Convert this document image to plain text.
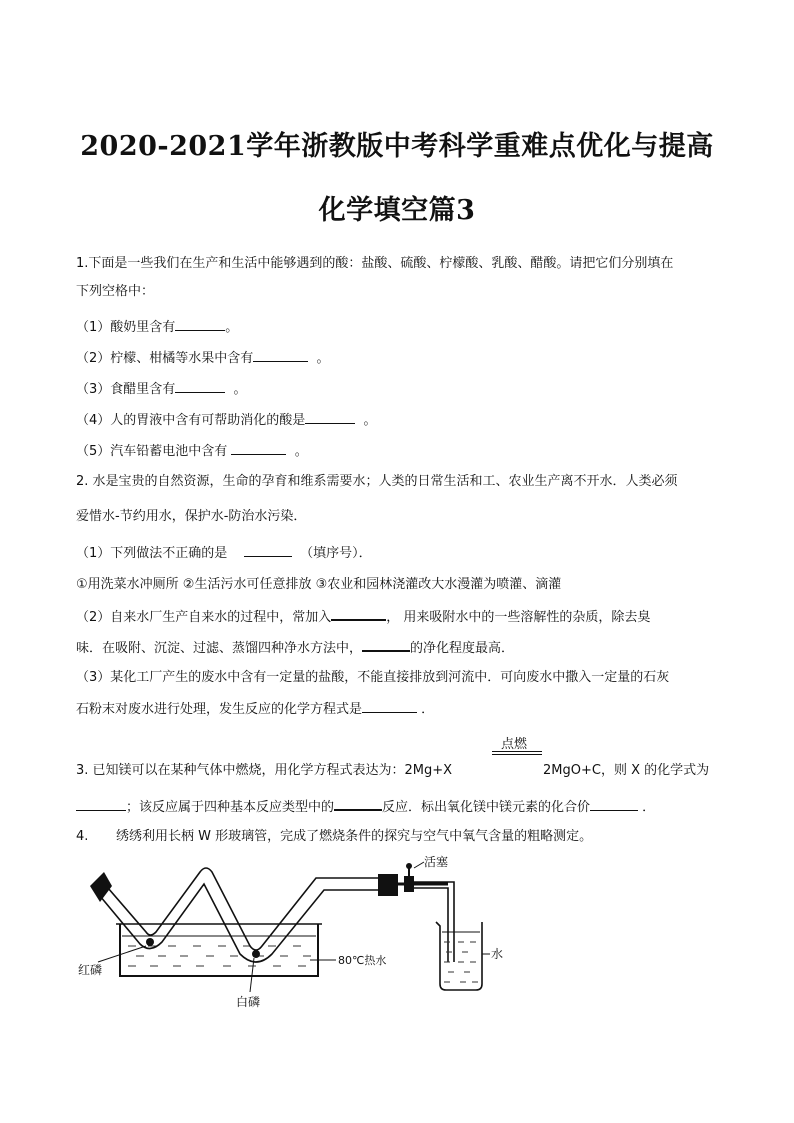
2020-2021学年浙教版中考科学重难点优化与提高
化学填空篇3
1.下面是一些我们在生产和生活中能够遇到的酸：盐酸、硫酸、柠檬酸、乳酸、醋酸。请把它们分别填在
下列空格中：
（1）酸奶里含有	。
（2）柠檬、柑橘等水果中含有	。
（3）食醋里含有	。
（4）人的胃液中含有可帮助消化的酸是	。
（5）汽车铅蓄电池中含有	。
2. 水是宝贵的自然资源，生命的孕育和维系需要水；人类的日常生活和工、农业生产离不开水．人类必须
爱惜水-节约用水，保护水-防治水污染．
（1）下列做法不正确的是	（填序号）．
①用洗菜水冲厕所 ②生活污水可任意排放 ③农业和园林浇灌改大水漫灌为喷灌、滴灌
（2）自来水厂生产自来水的过程中，常加入	， 用来吸附水中的一些溶解性的杂质，除去臭
味．在吸附、沉淀、过滤、蒸馏四种净水方法中，	的净化程度最高．
（3）某化工厂产生的废水中含有一定量的盐酸，不能直接排放到河流中．可向废水中撒入一定量的石灰
石粉末对废水进行处理，发生反应的化学方程式是	．
点燃
3. 已知镁可以在某种气体中燃烧，用化学方程式表达为：2Mg+X	2MgO+C，则 X 的化学式为
；该反应属于四种基本反应类型中的	反应．标出氧化镁中镁元素的化合价	．
4. 绣绣利用长柄 W 形玻璃管，完成了燃烧条件的探究与空气中氧气含量的粗略测定。
活塞
水
红磷
白磷
80℃热水
